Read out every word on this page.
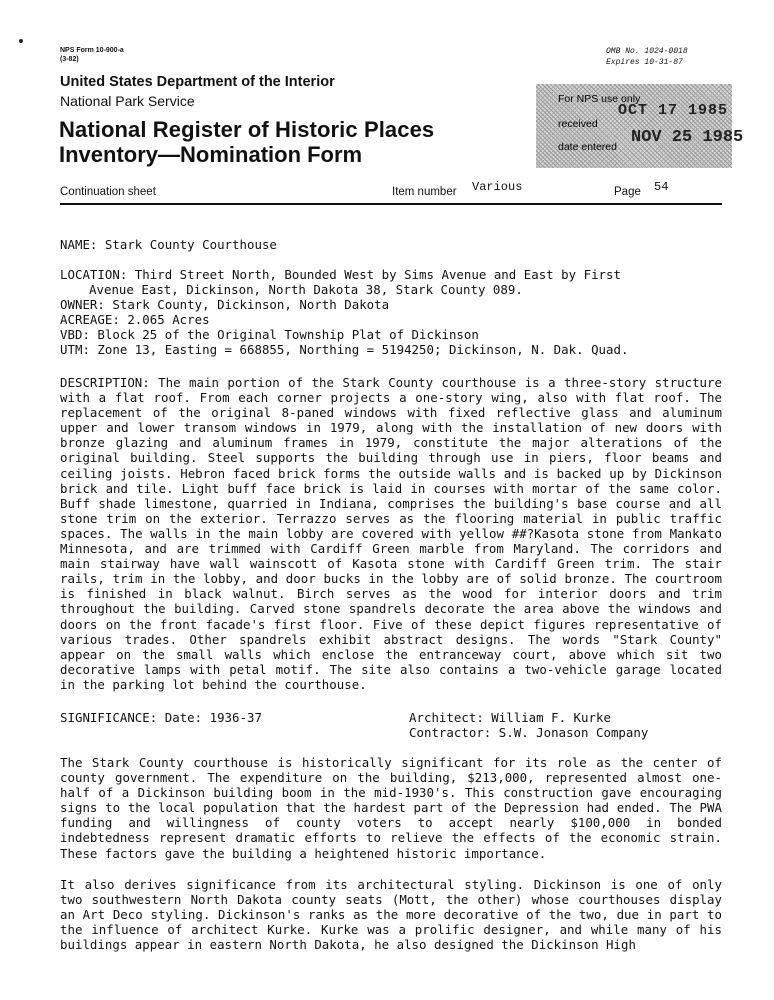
NPS Form 10-900-a
(3-82)
OMB No. 1024-0018
Expires 10-31-87
United States Department of the Interior
National Park Service
National Register of Historic Places
Inventory—Nomination Form
For NPS use only
received
date entered
OCT 17 1985
NOV 25 1985
Continuation sheet	Item number Various	Page 54

NAME: Stark County Courthouse

LOCATION: Third Street North, Bounded West by Sims Avenue and East by First

Avenue East, Dickinson, North Dakota 38, Stark County 089.

OWNER: Stark County, Dickinson, North Dakota

ACREAGE: 2.065 Acres

VBD: Block 25 of the Original Township Plat of Dickinson

UTM: Zone 13, Easting = 668855, Northing = 5194250; Dickinson, N. Dak. Quad.

DESCRIPTION: The main portion of the Stark County courthouse is a three-story structure with a flat roof. From each corner projects a one-story wing, also with flat roof. The replacement of the original 8-paned windows with fixed reflective glass and aluminum upper and lower transom windows in 1979, along with the installation of new doors with bronze glazing and aluminum frames in 1979, constitute the major alterations of the original building. Steel supports the building through use in piers, floor beams and ceiling joists. Hebron faced brick forms the outside walls and is backed up by Dickinson brick and tile. Light buff face brick is laid in courses with mortar of the same color. Buff shade limestone, quarried in Indiana, comprises the building's base course and all stone trim on the exterior. Terrazzo serves as the flooring material in public traffic spaces. The walls in the main lobby are covered with yellow ##?Kasota stone from Mankato Minnesota, and are trimmed with Cardiff Green marble from Maryland. The corridors and main stairway have wall wainscott of Kasota stone with Cardiff Green trim. The stair rails, trim in the lobby, and door bucks in the lobby are of solid bronze. The courtroom is finished in black walnut. Birch serves as the wood for interior doors and trim throughout the building. Carved stone spandrels decorate the area above the windows and doors on the front facade's first floor. Five of these depict figures representative of various trades. Other spandrels exhibit abstract designs. The words "Stark County" appear on the small walls which enclose the entranceway court, above which sit two decorative lamps with petal motif. The site also contains a two-vehicle garage located in the parking lot behind the courthouse.
SIGNIFICANCE: Date: 1936-37	Architect: William F. Kurke
Contractor: S.W. Jonason Company
The Stark County courthouse is historically significant for its role as the center of county government. The expenditure on the building, $213,000, represented almost one-half of a Dickinson building boom in the mid-1930's. This construction gave encouraging signs to the local population that the hardest part of the Depression had ended. The PWA funding and willingness of county voters to accept nearly $100,000 in bonded indebtedness represent dramatic efforts to relieve the effects of the economic strain. These factors gave the building a heightened historic importance.
It also derives significance from its architectural styling. Dickinson is one of only two southwestern North Dakota county seats (Mott, the other) whose courthouses display an Art Deco styling. Dickinson's ranks as the more decorative of the two, due in part to the influence of architect Kurke. Kurke was a prolific designer, and while many of his buildings appear in eastern North Dakota, he also designed the Dickinson High
